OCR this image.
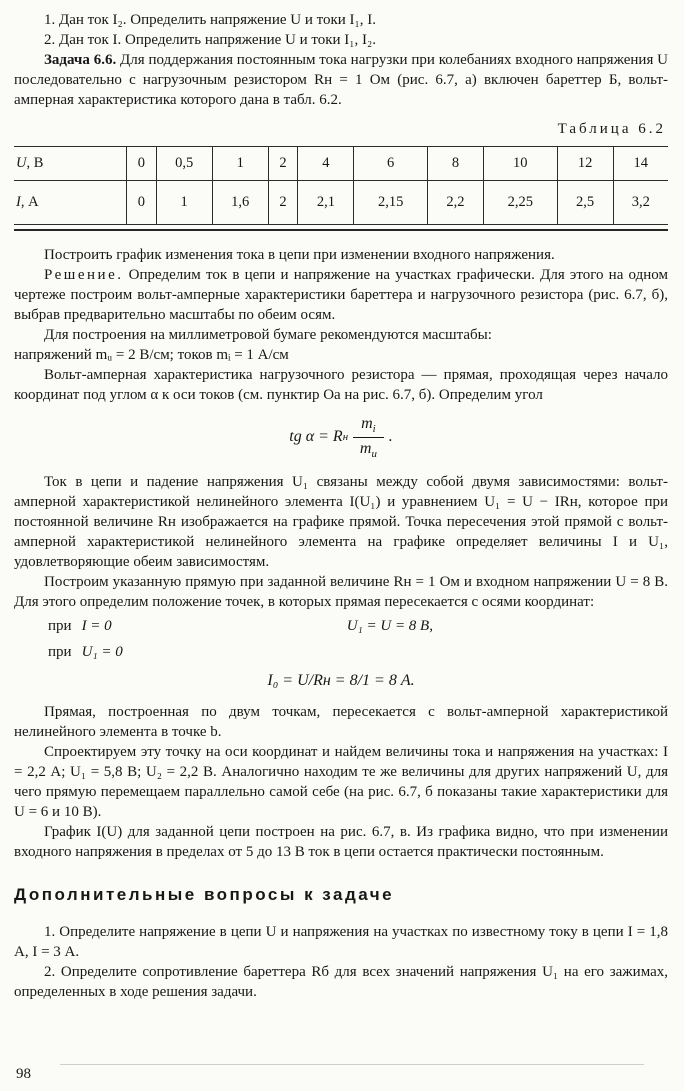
1. Дан ток I₂. Определить напряжение U и токи I₁, I.

2. Дан ток I. Определить напряжение U и токи I₁, I₂.

Задача 6.6. Для поддержания постоянным тока нагрузки при колебаниях входного напряжения U последовательно с нагрузочным резистором Rн = 1 Ом (рис. 6.7, а) включен бареттер Б, вольт-амперная характеристика которого дана в табл. 6.2.

Таблица 6.2
U, В	0	0,5	1	2	4	6	8	10	12	14
I, А	0	1	1,6	2	2,1	2,15	2,2	2,25	2,5	3,2

Построить график изменения тока в цепи при изменении входного напряжения.

Решение. Определим ток в цепи и напряжение на участках графически. Для этого на одном чертеже построим вольт-амперные характеристики бареттера и нагрузочного резистора (рис. 6.7, б), выбрав предварительно масштабы по обеим осям.

Для построения на миллиметровой бумаге рекомендуются масштабы:

напряжений mᵤ = 2 В/см; токов mᵢ = 1 А/см

Вольт-амперная характеристика нагрузочного резистора — прямая, проходящая через начало координат под углом α к оси токов (см. пунктир Оа на рис. 6.7, б). Определим угол

tg α = R н $\frac{m_i}{m_u}$ .

Ток в цепи и падение напряжения U₁ связаны между собой двумя зависимостями: вольт-амперной характеристикой нелинейного элемента I(U₁) и уравнением U₁ = U − IRн, которое при постоянной величине Rн изображается на графике прямой. Точка пересечения этой прямой с вольт-амперной характеристикой нелинейного элемента на графике определяет величины I и U₁, удовлетворяющие обеим зависимостям.

Построим указанную прямую при заданной величине Rн = 1 Ом и входном напряжении U = 8 В. Для этого определим положение точек, в которых прямая пересекается с осями координат:

при I = 0	U₁ = U = 8 В,
при U₁ = 0
I₀ = U/Rн = 8/1 = 8 А.

Прямая, построенная по двум точкам, пересекается с вольт-амперной характеристикой нелинейного элемента в точке b.

Спроектируем эту точку на оси координат и найдем величины тока и напряжения на участках: I = 2,2 А; U₁ = 5,8 В; U₂ = 2,2 В. Аналогично находим те же величины для других напряжений U, для чего прямую перемещаем параллельно самой себе (на рис. 6.7, б показаны такие характеристики для U = 6 и 10 В).

График I(U) для заданной цепи построен на рис. 6.7, в. Из графика видно, что при изменении входного напряжения в пределах от 5 до 13 В ток в цепи остается практически постоянным.

Дополнительные вопросы к задаче

1. Определите напряжение в цепи U и напряжения на участках по известному току в цепи I = 1,8 А, I = 3 А.

2. Определите сопротивление бареттера Rб для всех значений напряжения U₁ на его зажимах, определенных в ходе решения задачи.

98
